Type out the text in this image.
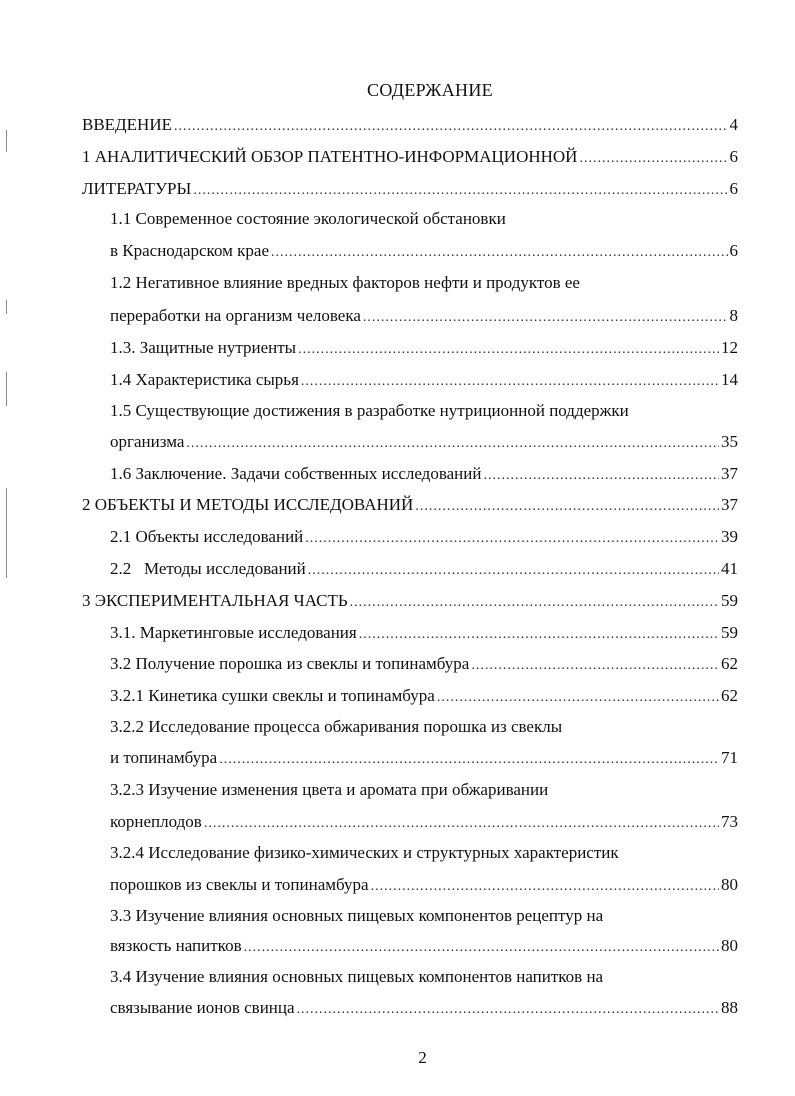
СОДЕРЖАНИЕ
ВВЕДЕНИЕ .....	4
1 АНАЛИТИЧЕСКИЙ ОБЗОР ПАТЕНТНО-ИНФОРМАЦИОННОЙ .....	6
ЛИТЕРАТУРЫ .....	6
1.1 Современное состояние экологической обстановки
в Краснодарском крае .....	6
1.2 Негативное влияние вредных факторов нефти и продуктов ее
переработки на организм человека .....	8
1.3. Защитные нутриенты .....	12
1.4 Характеристика сырья .....	14
1.5 Существующие достижения в разработке нутриционной поддержки
организма .....	35
1.6 Заключение. Задачи собственных исследований .....	37
2 ОБЪЕКТЫ И МЕТОДЫ ИССЛЕДОВАНИЙ .....	37
2.1 Объекты исследований .....	39
2.2   Методы исследований .....	41
3 ЭКСПЕРИМЕНТАЛЬНАЯ ЧАСТЬ .....	59
3.1. Маркетинговые исследования .....	59
3.2 Получение порошка из свеклы и топинамбура .....	62
3.2.1 Кинетика сушки свеклы и топинамбура .....	62
3.2.2 Исследование процесса обжаривания порошка из свеклы
и топинамбура .....	71
3.2.3 Изучение изменения цвета и аромата при обжаривании
корнеплодов .....	73
3.2.4 Исследование физико-химических и структурных характеристик
порошков из свеклы и топинамбура .....	80
3.3 Изучение влияния основных пищевых компонентов рецептур на
вязкость напитков .....	80
3.4 Изучение влияния основных пищевых компонентов напитков на
связывание ионов свинца .....	88
2
